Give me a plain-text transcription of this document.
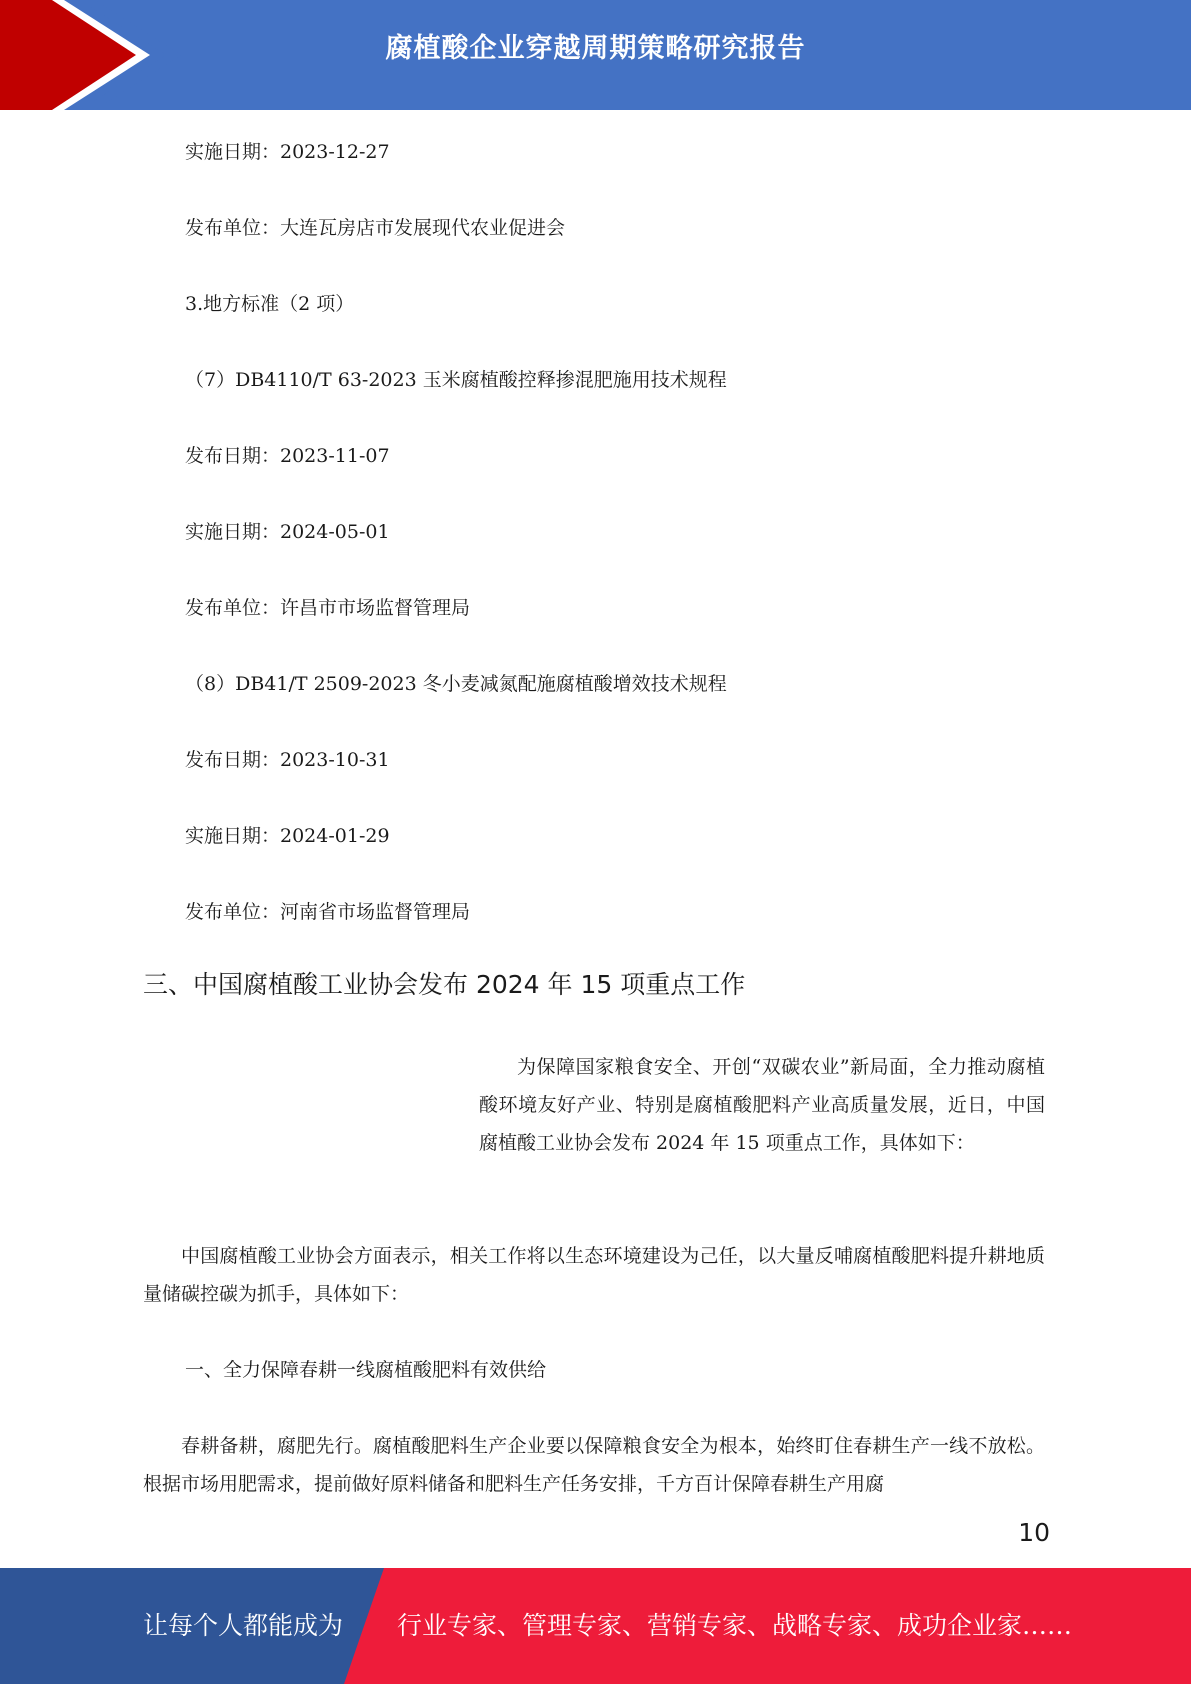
腐植酸企业穿越周期策略研究报告
实施日期：2023-12-27
发布单位：大连瓦房店市发展现代农业促进会
3.地方标准（2 项）
（7）DB4110/T 63-2023 玉米腐植酸控释掺混肥施用技术规程
发布日期：2023-11-07
实施日期：2024-05-01
发布单位：许昌市市场监督管理局
（8）DB41/T 2509-2023 冬小麦减氮配施腐植酸增效技术规程
发布日期：2023-10-31
实施日期：2024-01-29
发布单位：河南省市场监督管理局
三、中国腐植酸工业协会发布 2024 年 15 项重点工作
为保障国家粮食安全、开创“双碳农业”新局面，全力推动腐植酸环境友好产业、特别是腐植酸肥料产业高质量发展，近日，中国腐植酸工业协会发布 2024 年 15 项重点工作，具体如下：
中国腐植酸工业协会方面表示，相关工作将以生态环境建设为己任，以大量反哺腐植酸肥料提升耕地质量储碳控碳为抓手，具体如下：
一、全力保障春耕一线腐植酸肥料有效供给
春耕备耕，腐肥先行。腐植酸肥料生产企业要以保障粮食安全为根本，始终盯住春耕生产一线不放松。根据市场用肥需求，提前做好原料储备和肥料生产任务安排，千方百计保障春耕生产用腐
10
让每个人都能成为 行业专家、管理专家、营销专家、战略专家、成功企业家……
